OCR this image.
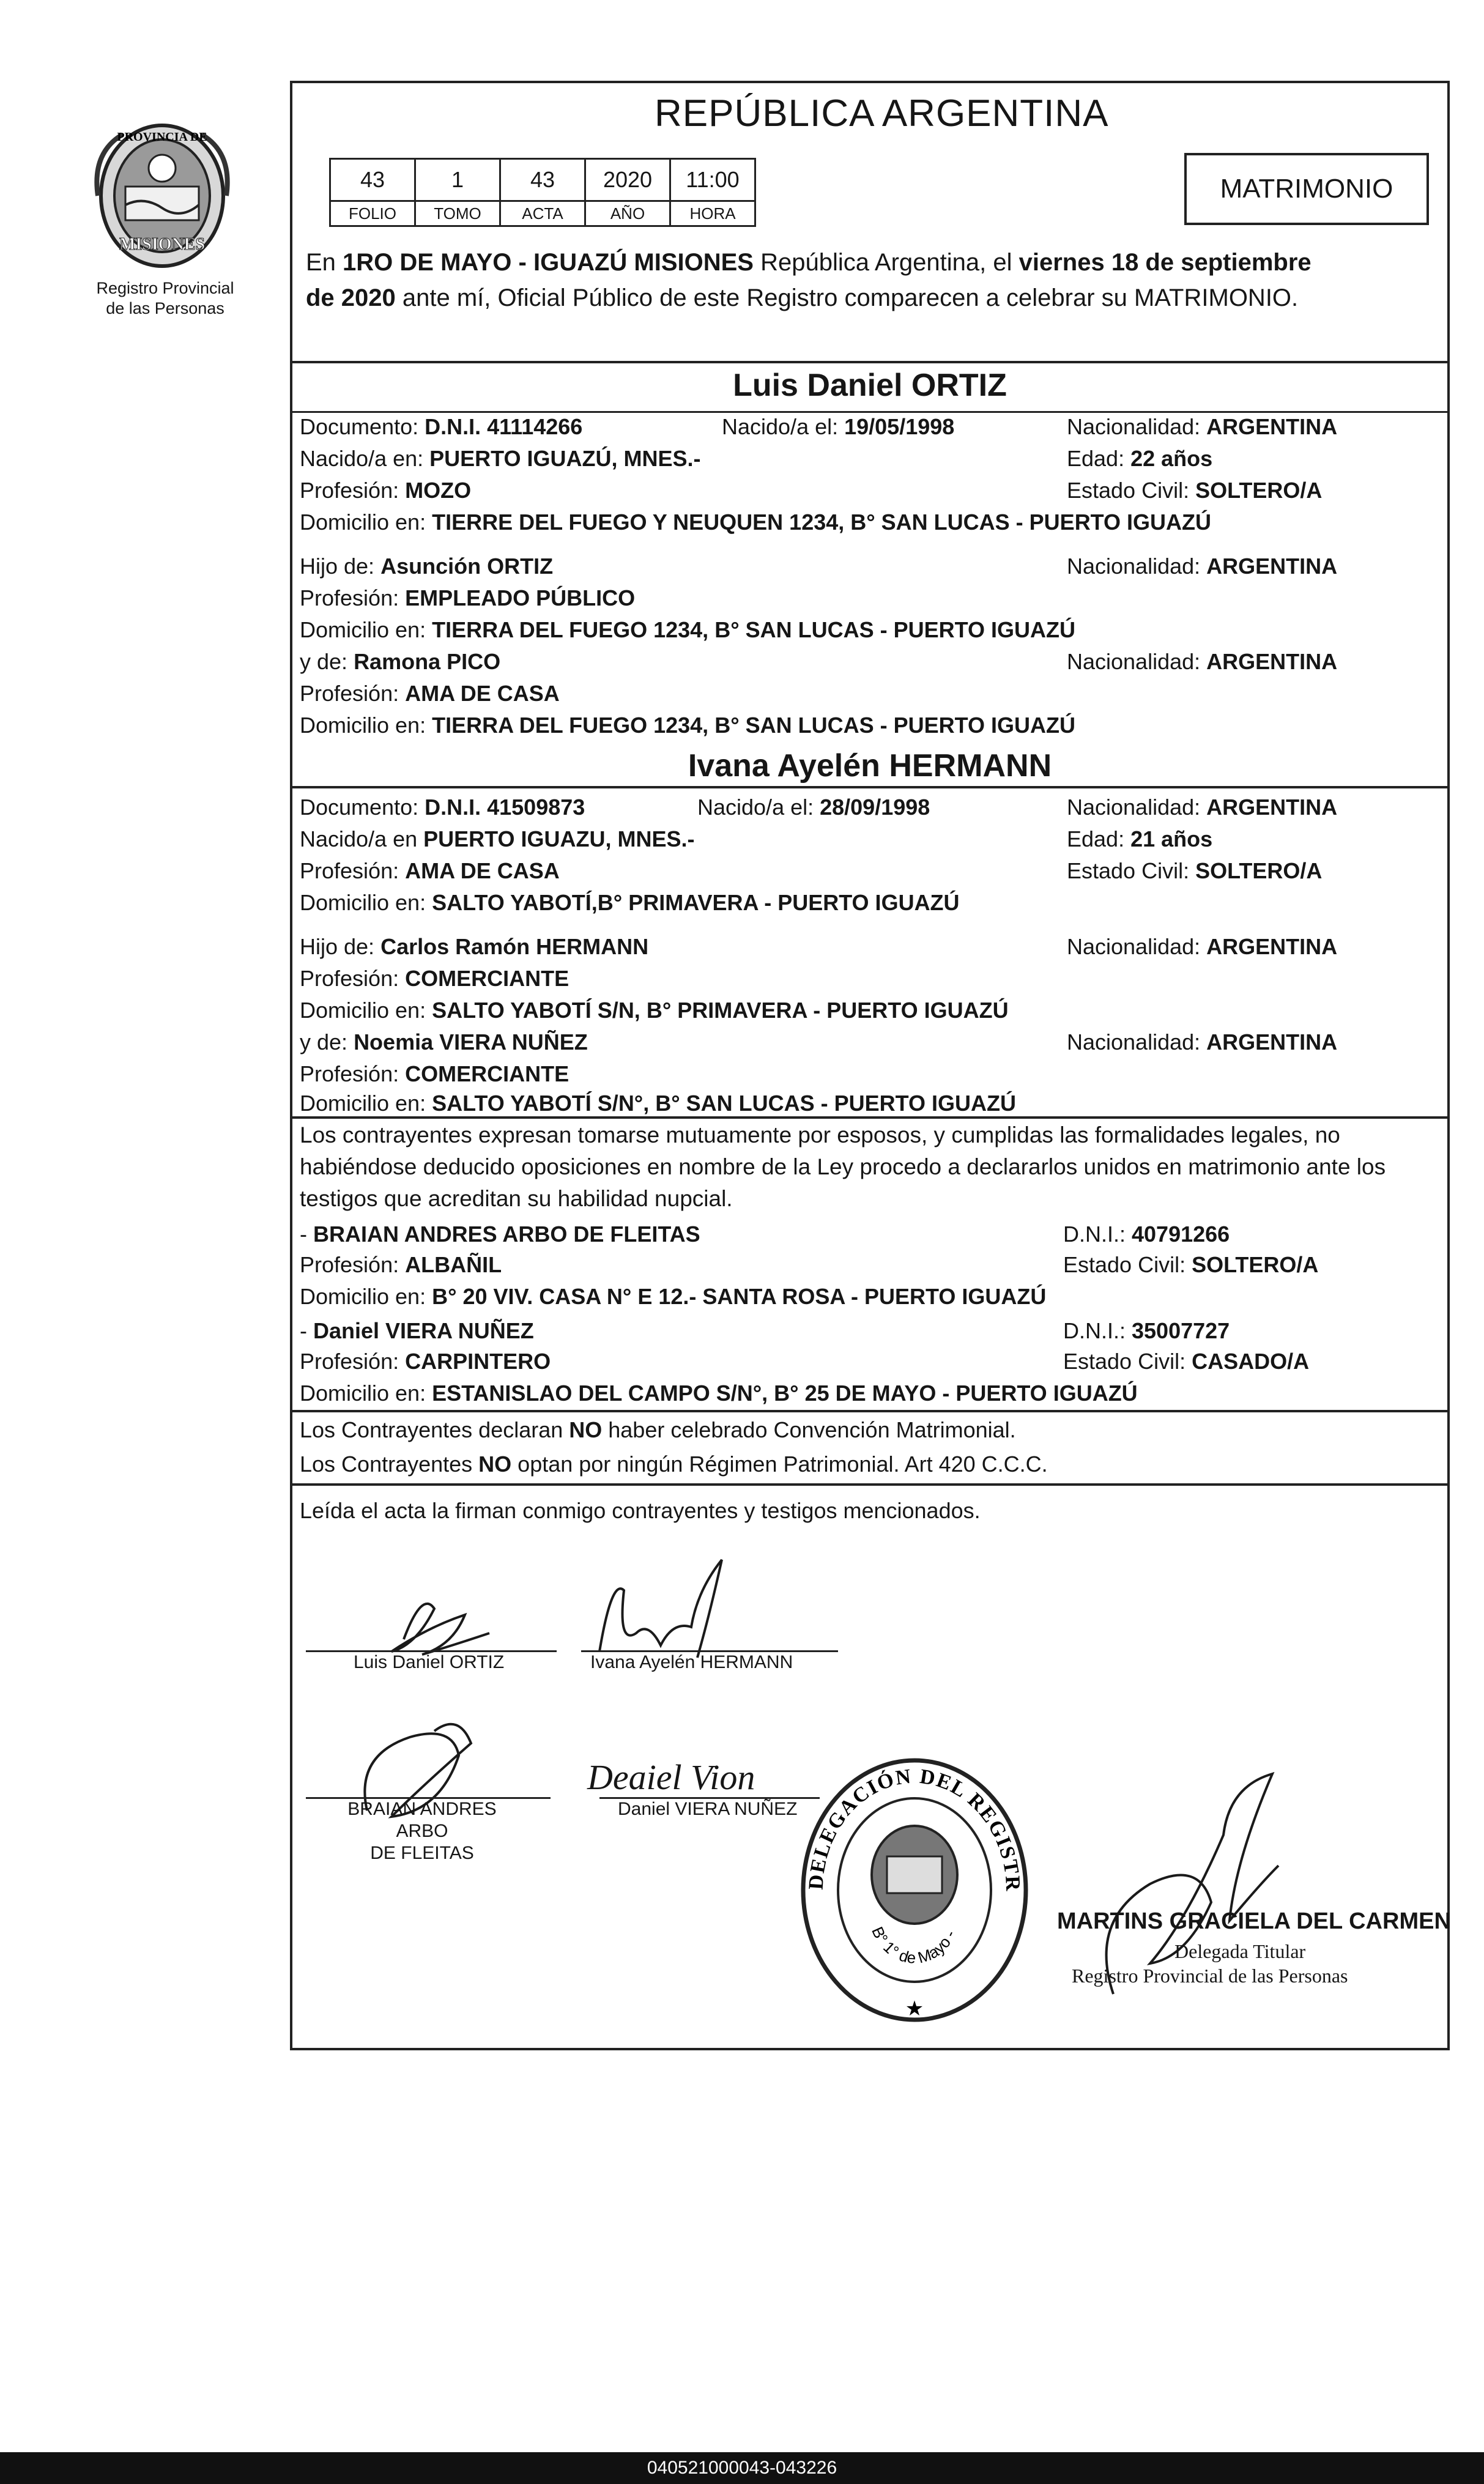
PROVINCIA DE
MISIONES
Registro Provincial
de las Personas
REPÚBLICA ARGENTINA
43	1	43	2020	11:00
FOLIO	TOMO	ACTA	AÑO	HORA
MATRIMONIO
En 1RO DE MAYO - IGUAZÚ MISIONES República Argentina, el viernes 18 de septiembre
de 2020 ante mí, Oficial Público de este Registro comparecen a celebrar su MATRIMONIO.
Luis Daniel ORTIZ
Documento: D.N.I. 41114266	Nacido/a el: 19/05/1998	Nacionalidad: ARGENTINA
Nacido/a en: PUERTO IGUAZÚ, MNES.-	Edad: 22 años
Profesión: MOZO	Estado Civil: SOLTERO/A
Domicilio en: TIERRE DEL FUEGO Y NEUQUEN 1234, B° SAN LUCAS - PUERTO IGUAZÚ
Hijo de: Asunción ORTIZ	Nacionalidad: ARGENTINA
Profesión: EMPLEADO PÚBLICO
Domicilio en: TIERRA DEL FUEGO 1234, B° SAN LUCAS - PUERTO IGUAZÚ
y de: Ramona PICO	Nacionalidad: ARGENTINA
Profesión: AMA DE CASA
Domicilio en: TIERRA DEL FUEGO 1234, B° SAN LUCAS - PUERTO IGUAZÚ
Ivana Ayelén HERMANN
Documento: D.N.I. 41509873	Nacido/a el: 28/09/1998	Nacionalidad: ARGENTINA
Nacido/a en PUERTO IGUAZU, MNES.-	Edad: 21 años
Profesión: AMA DE CASA	Estado Civil: SOLTERO/A
Domicilio en: SALTO YABOTÍ,B° PRIMAVERA - PUERTO IGUAZÚ
Hijo de: Carlos Ramón HERMANN	Nacionalidad: ARGENTINA
Profesión: COMERCIANTE
Domicilio en: SALTO YABOTÍ S/N, B° PRIMAVERA - PUERTO IGUAZÚ
y de: Noemia VIERA NUÑEZ	Nacionalidad: ARGENTINA
Profesión: COMERCIANTE
Domicilio en: SALTO YABOTÍ S/N°, B° SAN LUCAS - PUERTO IGUAZÚ
Los contrayentes expresan tomarse mutuamente por esposos, y cumplidas las formalidades legales, no habiéndose deducido oposiciones en nombre de la Ley procedo a declararlos unidos en matrimonio ante los testigos que acreditan su habilidad nupcial.
- BRAIAN ANDRES ARBO DE FLEITAS	D.N.I.: 40791266
Profesión: ALBAÑIL	Estado Civil: SOLTERO/A
Domicilio en: B° 20 VIV. CASA N° E 12.- SANTA ROSA - PUERTO IGUAZÚ
- Daniel VIERA NUÑEZ	D.N.I.: 35007727
Profesión: CARPINTERO	Estado Civil: CASADO/A
Domicilio en: ESTANISLAO DEL CAMPO S/N°, B° 25 DE MAYO - PUERTO IGUAZÚ
Los Contrayentes declaran NO haber celebrado Convención Matrimonial.
Los Contrayentes NO optan por ningún Régimen Patrimonial. Art 420 C.C.C.
Leída el acta la firman conmigo contrayentes y testigos mencionados.
Luis Daniel ORTIZ	Ivana Ayelén HERMANN
BRAIAN ANDRES ARBO
DE FLEITAS
Deaiel Vion
Daniel VIERA NUÑEZ
DELEGACIÓN DEL REGISTR
B° 1° de Mayo -
★
MARTINS GRACIELA DEL CARMEN
Delegada Titular
Registro Provincial de las Personas
040521000043-043226
